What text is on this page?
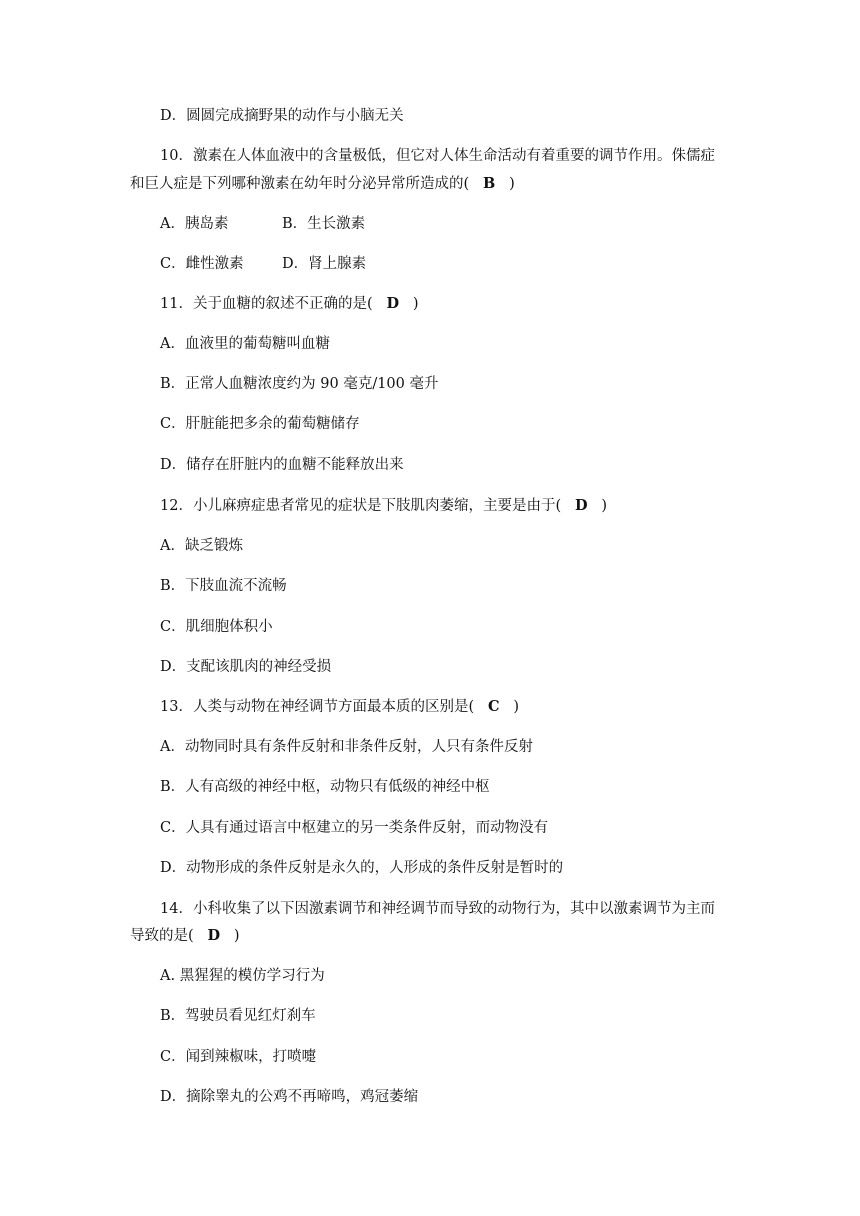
D．圆圆完成摘野果的动作与小脑无关
10．激素在人体血液中的含量极低，但它对人体生命活动有着重要的调节作用。侏儒症
和巨人症是下列哪种激素在幼年时分泌异常所造成的( B )
A．胰岛素	B．生长激素
C．雌性激素	D．肾上腺素
11．关于血糖的叙述不正确的是( D )
A．血液里的葡萄糖叫血糖
B．正常人血糖浓度约为 90 毫克/100 毫升
C．肝脏能把多余的葡萄糖储存
D．储存在肝脏内的血糖不能释放出来
12．小儿麻痹症患者常见的症状是下肢肌肉萎缩，主要是由于( D )
A．缺乏锻炼
B．下肢血流不流畅
C．肌细胞体积小
D．支配该肌肉的神经受损
13．人类与动物在神经调节方面最本质的区别是( C )
A．动物同时具有条件反射和非条件反射，人只有条件反射
B．人有高级的神经中枢，动物只有低级的神经中枢
C．人具有通过语言中枢建立的另一类条件反射，而动物没有
D．动物形成的条件反射是永久的，人形成的条件反射是暂时的
14．小科收集了以下因激素调节和神经调节而导致的动物行为，其中以激素调节为主而
导致的是( D )
A. 黑猩猩的模仿学习行为
B．驾驶员看见红灯刹车
C．闻到辣椒味，打喷嚏
D．摘除睾丸的公鸡不再啼鸣，鸡冠萎缩
